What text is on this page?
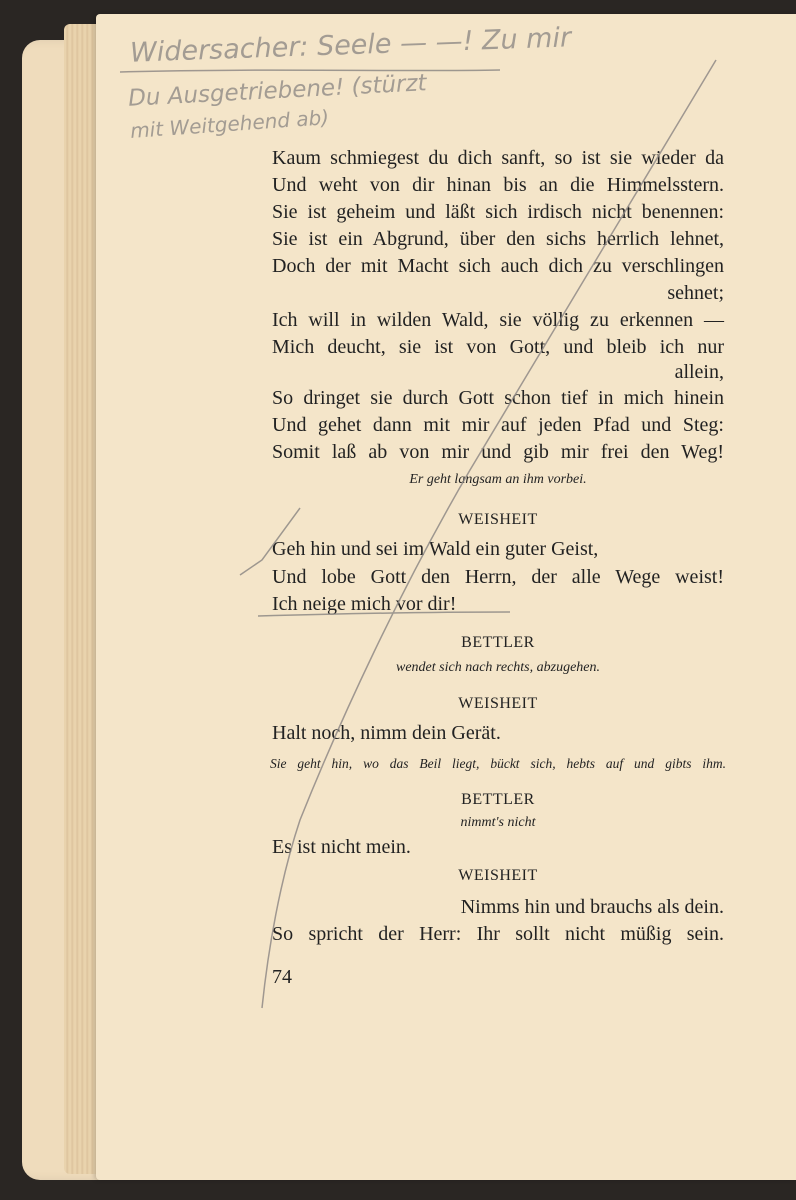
Widersacher: Seele — —! Zu mir
Du Ausgetriebene! (stürzt
mit Weitgehend ab)
Kaum schmiegest du dich sanft, so ist sie wieder da
Und weht von dir hinan bis an die Himmelsstern.
Sie ist geheim und läßt sich irdisch nicht benennen:
Sie ist ein Abgrund, über den sichs herrlich lehnet,
Doch der mit Macht sich auch dich zu verschlingen
sehnet;
Ich will in wilden Wald, sie völlig zu erkennen —
Mich deucht, sie ist von Gott, und bleib ich nur
allein,
So dringet sie durch Gott schon tief in mich hinein
Und gehet dann mit mir auf jeden Pfad und Steg:
Somit laß ab von mir und gib mir frei den Weg!
Er geht langsam an ihm vorbei.
WEISHEIT
Geh hin und sei im Wald ein guter Geist,
Und lobe Gott den Herrn, der alle Wege weist!
Ich neige mich vor dir!
BETTLER
wendet sich nach rechts, abzugehen.
WEISHEIT
Halt noch, nimm dein Gerät.
Sie geht hin, wo das Beil liegt, bückt sich, hebts auf und gibts ihm.
BETTLER
nimmt's nicht
Es ist nicht mein.
WEISHEIT
Nimms hin und brauchs als dein.
So spricht der Herr: Ihr sollt nicht müßig sein.
74
